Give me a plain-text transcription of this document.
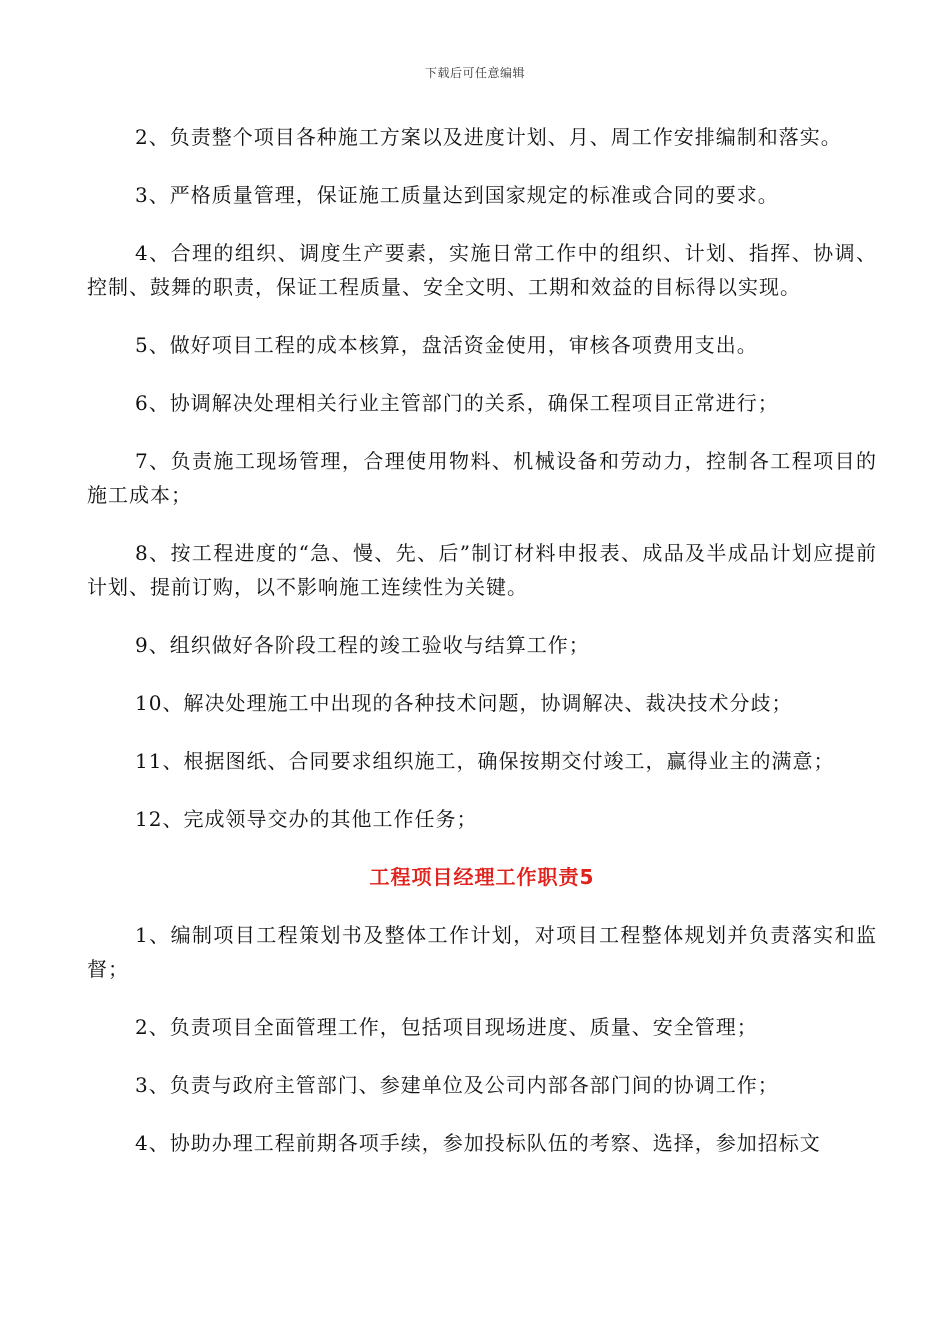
下载后可任意编辑

2、负责整个项目各种施工方案以及进度计划、月、周工作安排编制和落实。

3、严格质量管理，保证施工质量达到国家规定的标准或合同的要求。

4、合理的组织、调度生产要素，实施日常工作中的组织、计划、指挥、协调、控制、鼓舞的职责，保证工程质量、安全文明、工期和效益的目标得以实现。

5、做好项目工程的成本核算，盘活资金使用，审核各项费用支出。

6、协调解决处理相关行业主管部门的关系，确保工程项目正常进行；

7、负责施工现场管理，合理使用物料、机械设备和劳动力，控制各工程项目的施工成本；

8、按工程进度的“急、慢、先、后”制订材料申报表、成品及半成品计划应提前计划、提前订购，以不影响施工连续性为关键。

9、组织做好各阶段工程的竣工验收与结算工作；

10、解决处理施工中出现的各种技术问题，协调解决、裁决技术分歧；

11、根据图纸、合同要求组织施工，确保按期交付竣工，赢得业主的满意；

12、完成领导交办的其他工作任务；

工程项目经理工作职责5

1、编制项目工程策划书及整体工作计划，对项目工程整体规划并负责落实和监督；

2、负责项目全面管理工作，包括项目现场进度、质量、安全管理；

3、负责与政府主管部门、参建单位及公司内部各部门间的协调工作；

4、协助办理工程前期各项手续，参加投标队伍的考察、选择，参加招标文
